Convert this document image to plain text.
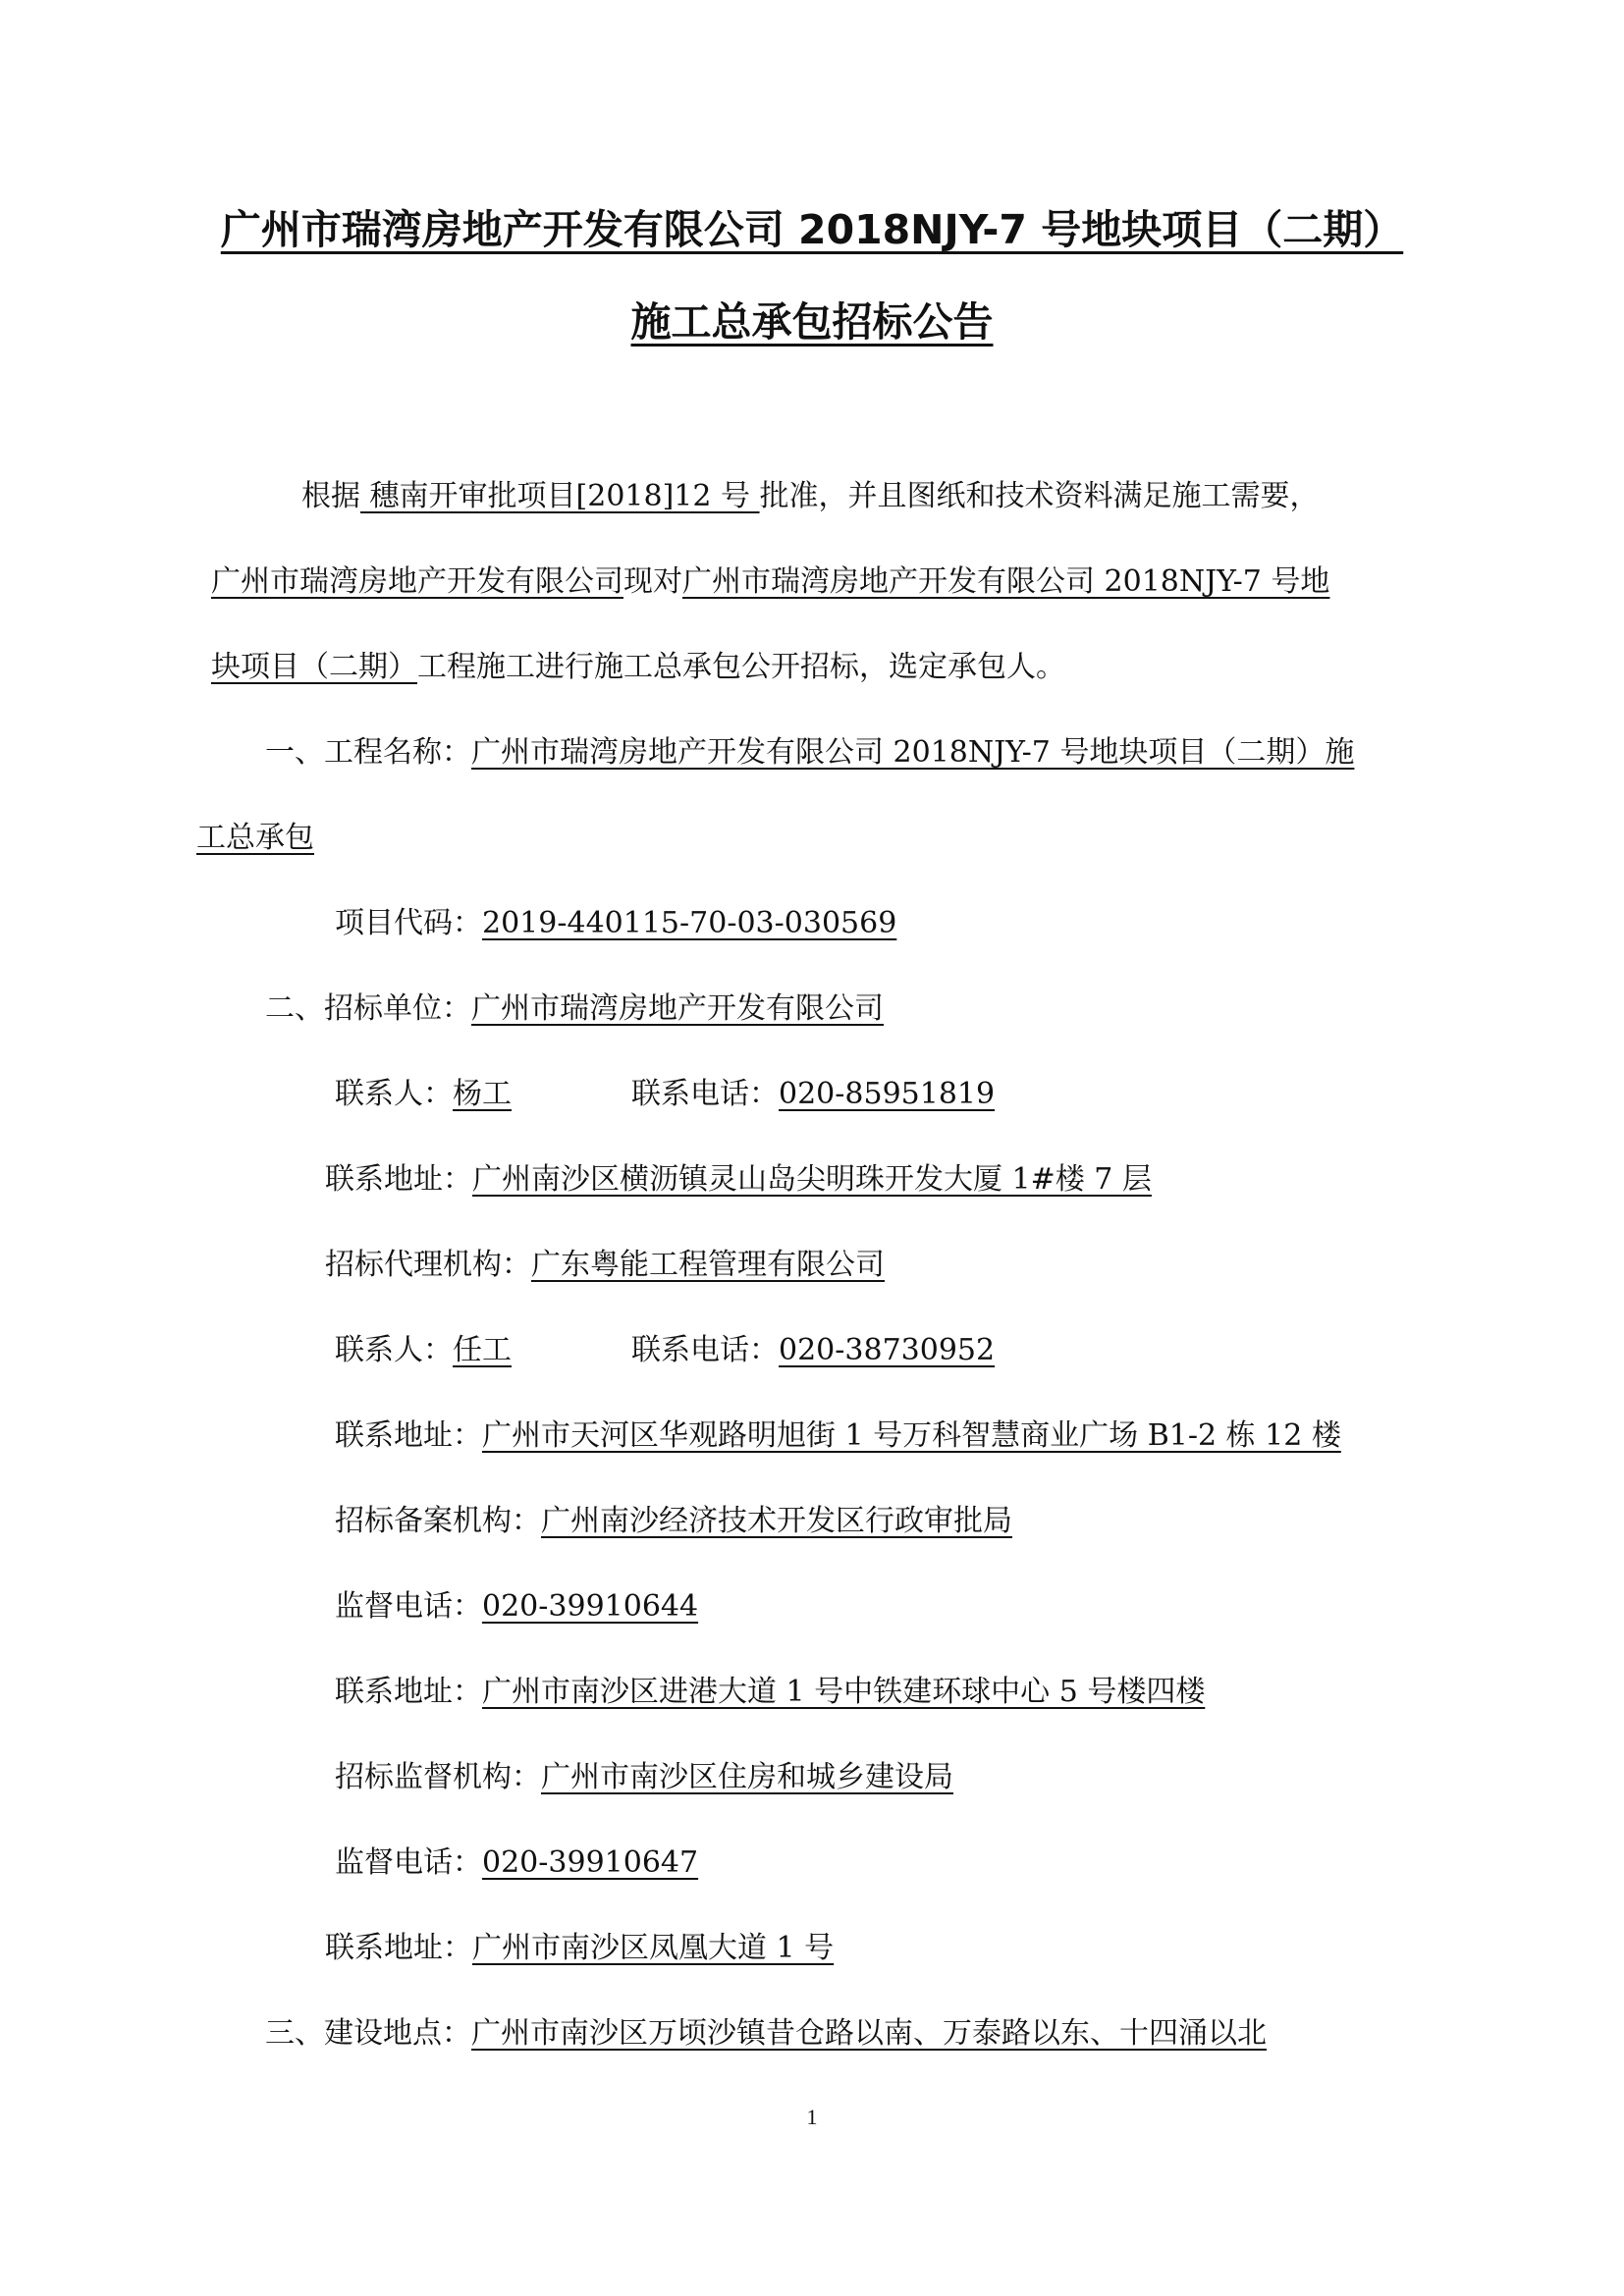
广州市瑞湾房地产开发有限公司 2018NJY-7 号地块项目（二期）
施工总承包招标公告
根据 穗南开审批项目[2018]12 号 批准，并且图纸和技术资料满足施工需要，
广州市瑞湾房地产开发有限公司现对广州市瑞湾房地产开发有限公司 2018NJY-7 号地
块项目（二期）工程施工进行施工总承包公开招标，选定承包人。
一、工程名称：广州市瑞湾房地产开发有限公司 2018NJY-7 号地块项目（二期）施
工总承包
项目代码：2019-440115-70-03-030569
二、招标单位：广州市瑞湾房地产开发有限公司
联系人：杨工	联系电话：020-85951819
联系地址：广州南沙区横沥镇灵山岛尖明珠开发大厦 1#楼 7 层
招标代理机构：广东粤能工程管理有限公司
联系人：任工	联系电话：020-38730952
联系地址：广州市天河区华观路明旭街 1 号万科智慧商业广场 B1-2 栋 12 楼
招标备案机构：广州南沙经济技术开发区行政审批局
监督电话：020-39910644
联系地址：广州市南沙区进港大道 1 号中铁建环球中心 5 号楼四楼
招标监督机构：广州市南沙区住房和城乡建设局
监督电话：020-39910647
联系地址：广州市南沙区凤凰大道 1 号
三、建设地点：广州市南沙区万顷沙镇昔仓路以南、万泰路以东、十四涌以北
1
